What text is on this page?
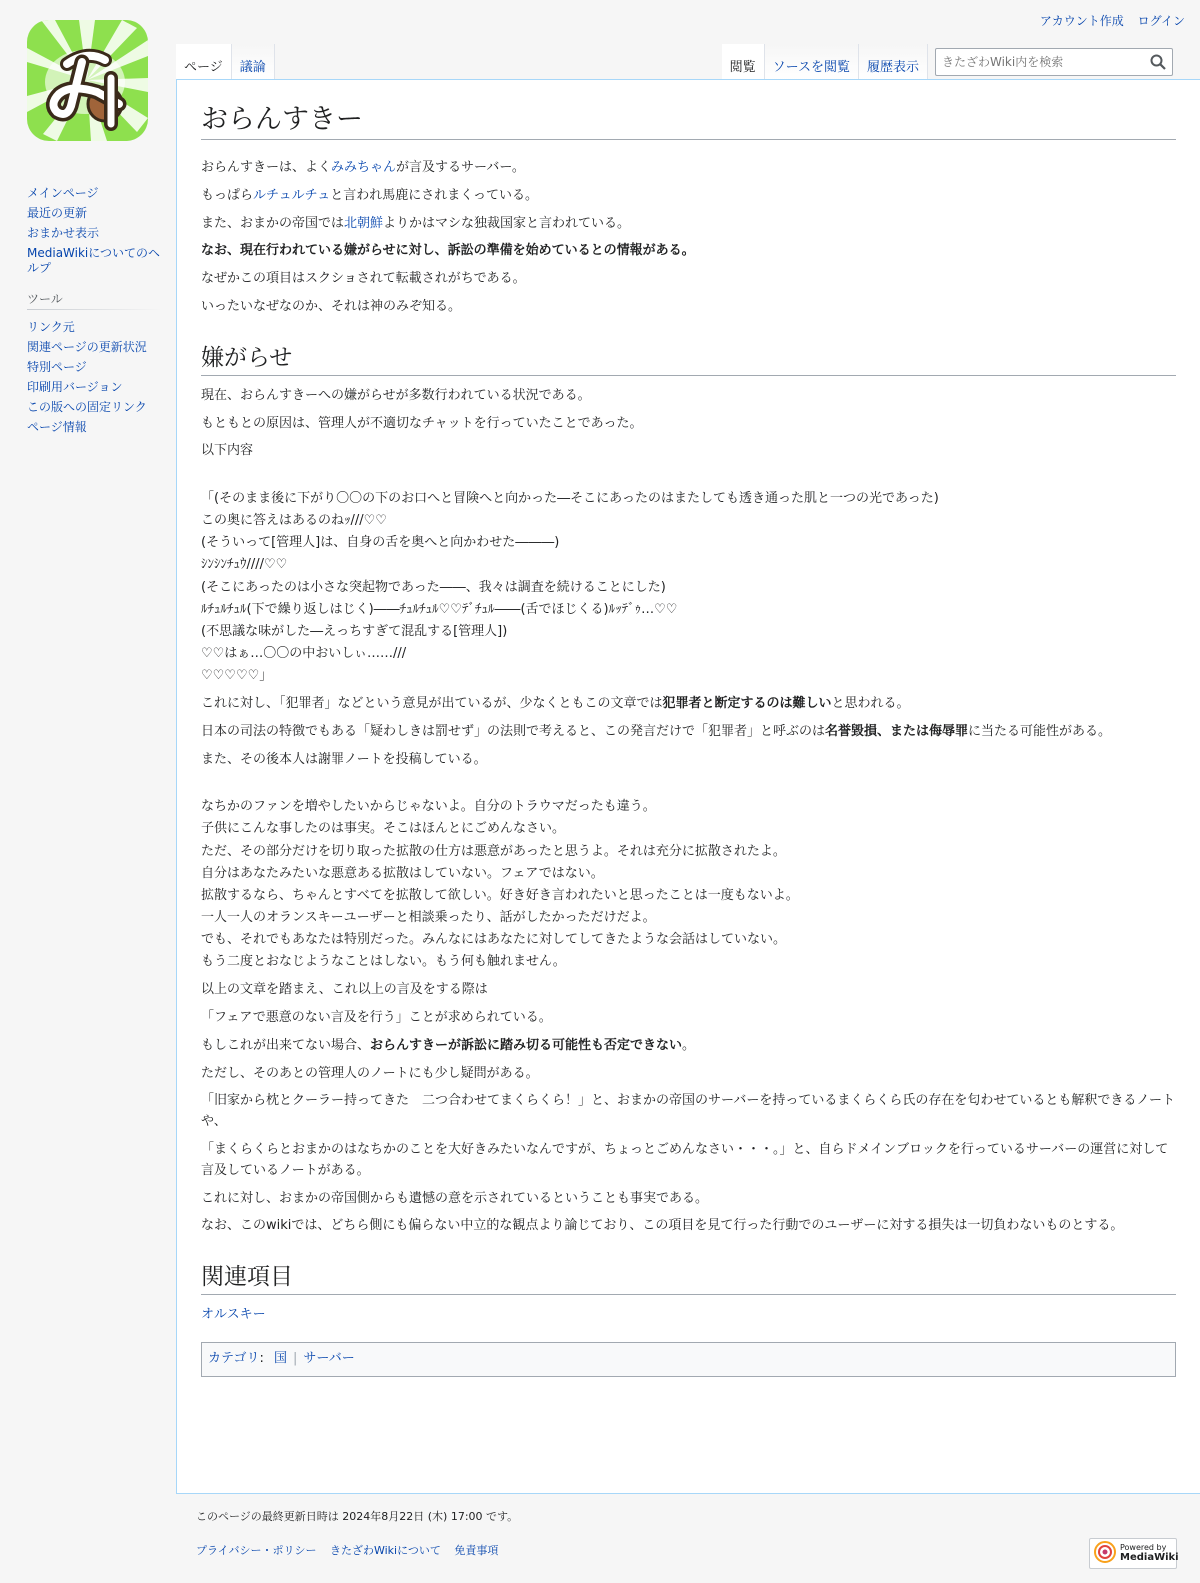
アカウント作成 ログイン
メインページ
最近の更新
おまかせ表示
MediaWikiについてのヘルプ
ツール
リンク元
関連ページの更新状況
特別ページ
印刷用バージョン
この版への固定リンク
ページ情報
ページ	議論	閲覧	ソースを閲覧	履歴表示
きたざわWiki内を検索
おらんすきー

おらんすきーは、よくみみちゃんが言及するサーバー。

もっぱらルチュルチュと言われ馬鹿にされまくっている。

また、おまかの帝国では北朝鮮よりかはマシな独裁国家と言われている。

なお、現在行われている嫌がらせに対し、訴訟の準備を始めているとの情報がある。

なぜかこの項目はスクショされて転載されがちである。

いったいなぜなのか、それは神のみぞ知る。

嫌がらせ

現在、おらんすきーへの嫌がらせが多数行われている状況である。

もともとの原因は、管理人が不適切なチャットを行っていたことであった。

以下内容

「(そのまま後に下がり〇〇の下のお口へと冒険へと向かった―そこにあったのはまたしても透き通った肌と一つの光であった)
この奥に答えはあるのねｯ///♡♡
(そういって[管理人]は、自身の舌を奥へと向かわせた―――)
ｼﾝｼﾝﾁｭｳ////♡♡
(そこにあったのは小さな突起物であった――、我々は調査を続けることにした)
ﾙﾁｭﾙﾁｭﾙ(下で繰り返しはじく)――ﾁｭﾙﾁｭﾙ♡♡ﾃﾞﾁｭﾙ――(舌でほじくる)ﾙｯﾃﾞｩ…♡♡
(不思議な味がした―えっちすぎて混乱する[管理人])
♡♡はぁ…〇〇の中おいしぃ……///
♡♡♡♡♡」

これに対し、「犯罪者」などという意見が出ているが、少なくともこの文章では犯罪者と断定するのは難しいと思われる。

日本の司法の特徴でもある「疑わしきは罰せず」の法則で考えると、この発言だけで「犯罪者」と呼ぶのは名誉毀損、または侮辱罪に当たる可能性がある。

また、その後本人は謝罪ノートを投稿している。

なちかのファンを増やしたいからじゃないよ。自分のトラウマだったも違う。
子供にこんな事したのは事実。そこはほんとにごめんなさい。
ただ、その部分だけを切り取った拡散の仕方は悪意があったと思うよ。それは充分に拡散されたよ。
自分はあなたみたいな悪意ある拡散はしていない。フェアではない。
拡散するなら、ちゃんとすべてを拡散して欲しい。好き好き言われたいと思ったことは一度もないよ。
一人一人のオランスキーユーザーと相談乗ったり、話がしたかっただけだよ。
でも、それでもあなたは特別だった。みんなにはあなたに対してしてきたような会話はしていない。
もう二度とおなじようなことはしない。もう何も触れません。

以上の文章を踏まえ、これ以上の言及をする際は

「フェアで悪意のない言及を行う」ことが求められている。

もしこれが出来てない場合、おらんすきーが訴訟に踏み切る可能性も否定できない。

ただし、そのあとの管理人のノートにも少し疑問がある。

「旧家から枕とクーラー持ってきた　二つ合わせてまくらくら！」と、おまかの帝国のサーバーを持っているまくらくら氏の存在を匂わせているとも解釈できるノートや、

「まくらくらとおまかのはなちかのことを大好きみたいなんですが、ちょっとごめんなさい・・・。」と、自らドメインブロックを行っているサーバーの運営に対して言及しているノートがある。

これに対し、おまかの帝国側からも遺憾の意を示されているということも事実である。

なお、このwikiでは、どちら側にも偏らない中立的な観点より論じており、この項目を見て行った行動でのユーザーに対する損失は一切負わないものとする。

関連項目

オルスキー

カテゴリ: 国 | サーバー
このページの最終更新日時は 2024年8月22日 (木) 17:00 です。
プライバシー・ポリシー きたざわWikiについて 免責事項	Powered by
MediaWiki
